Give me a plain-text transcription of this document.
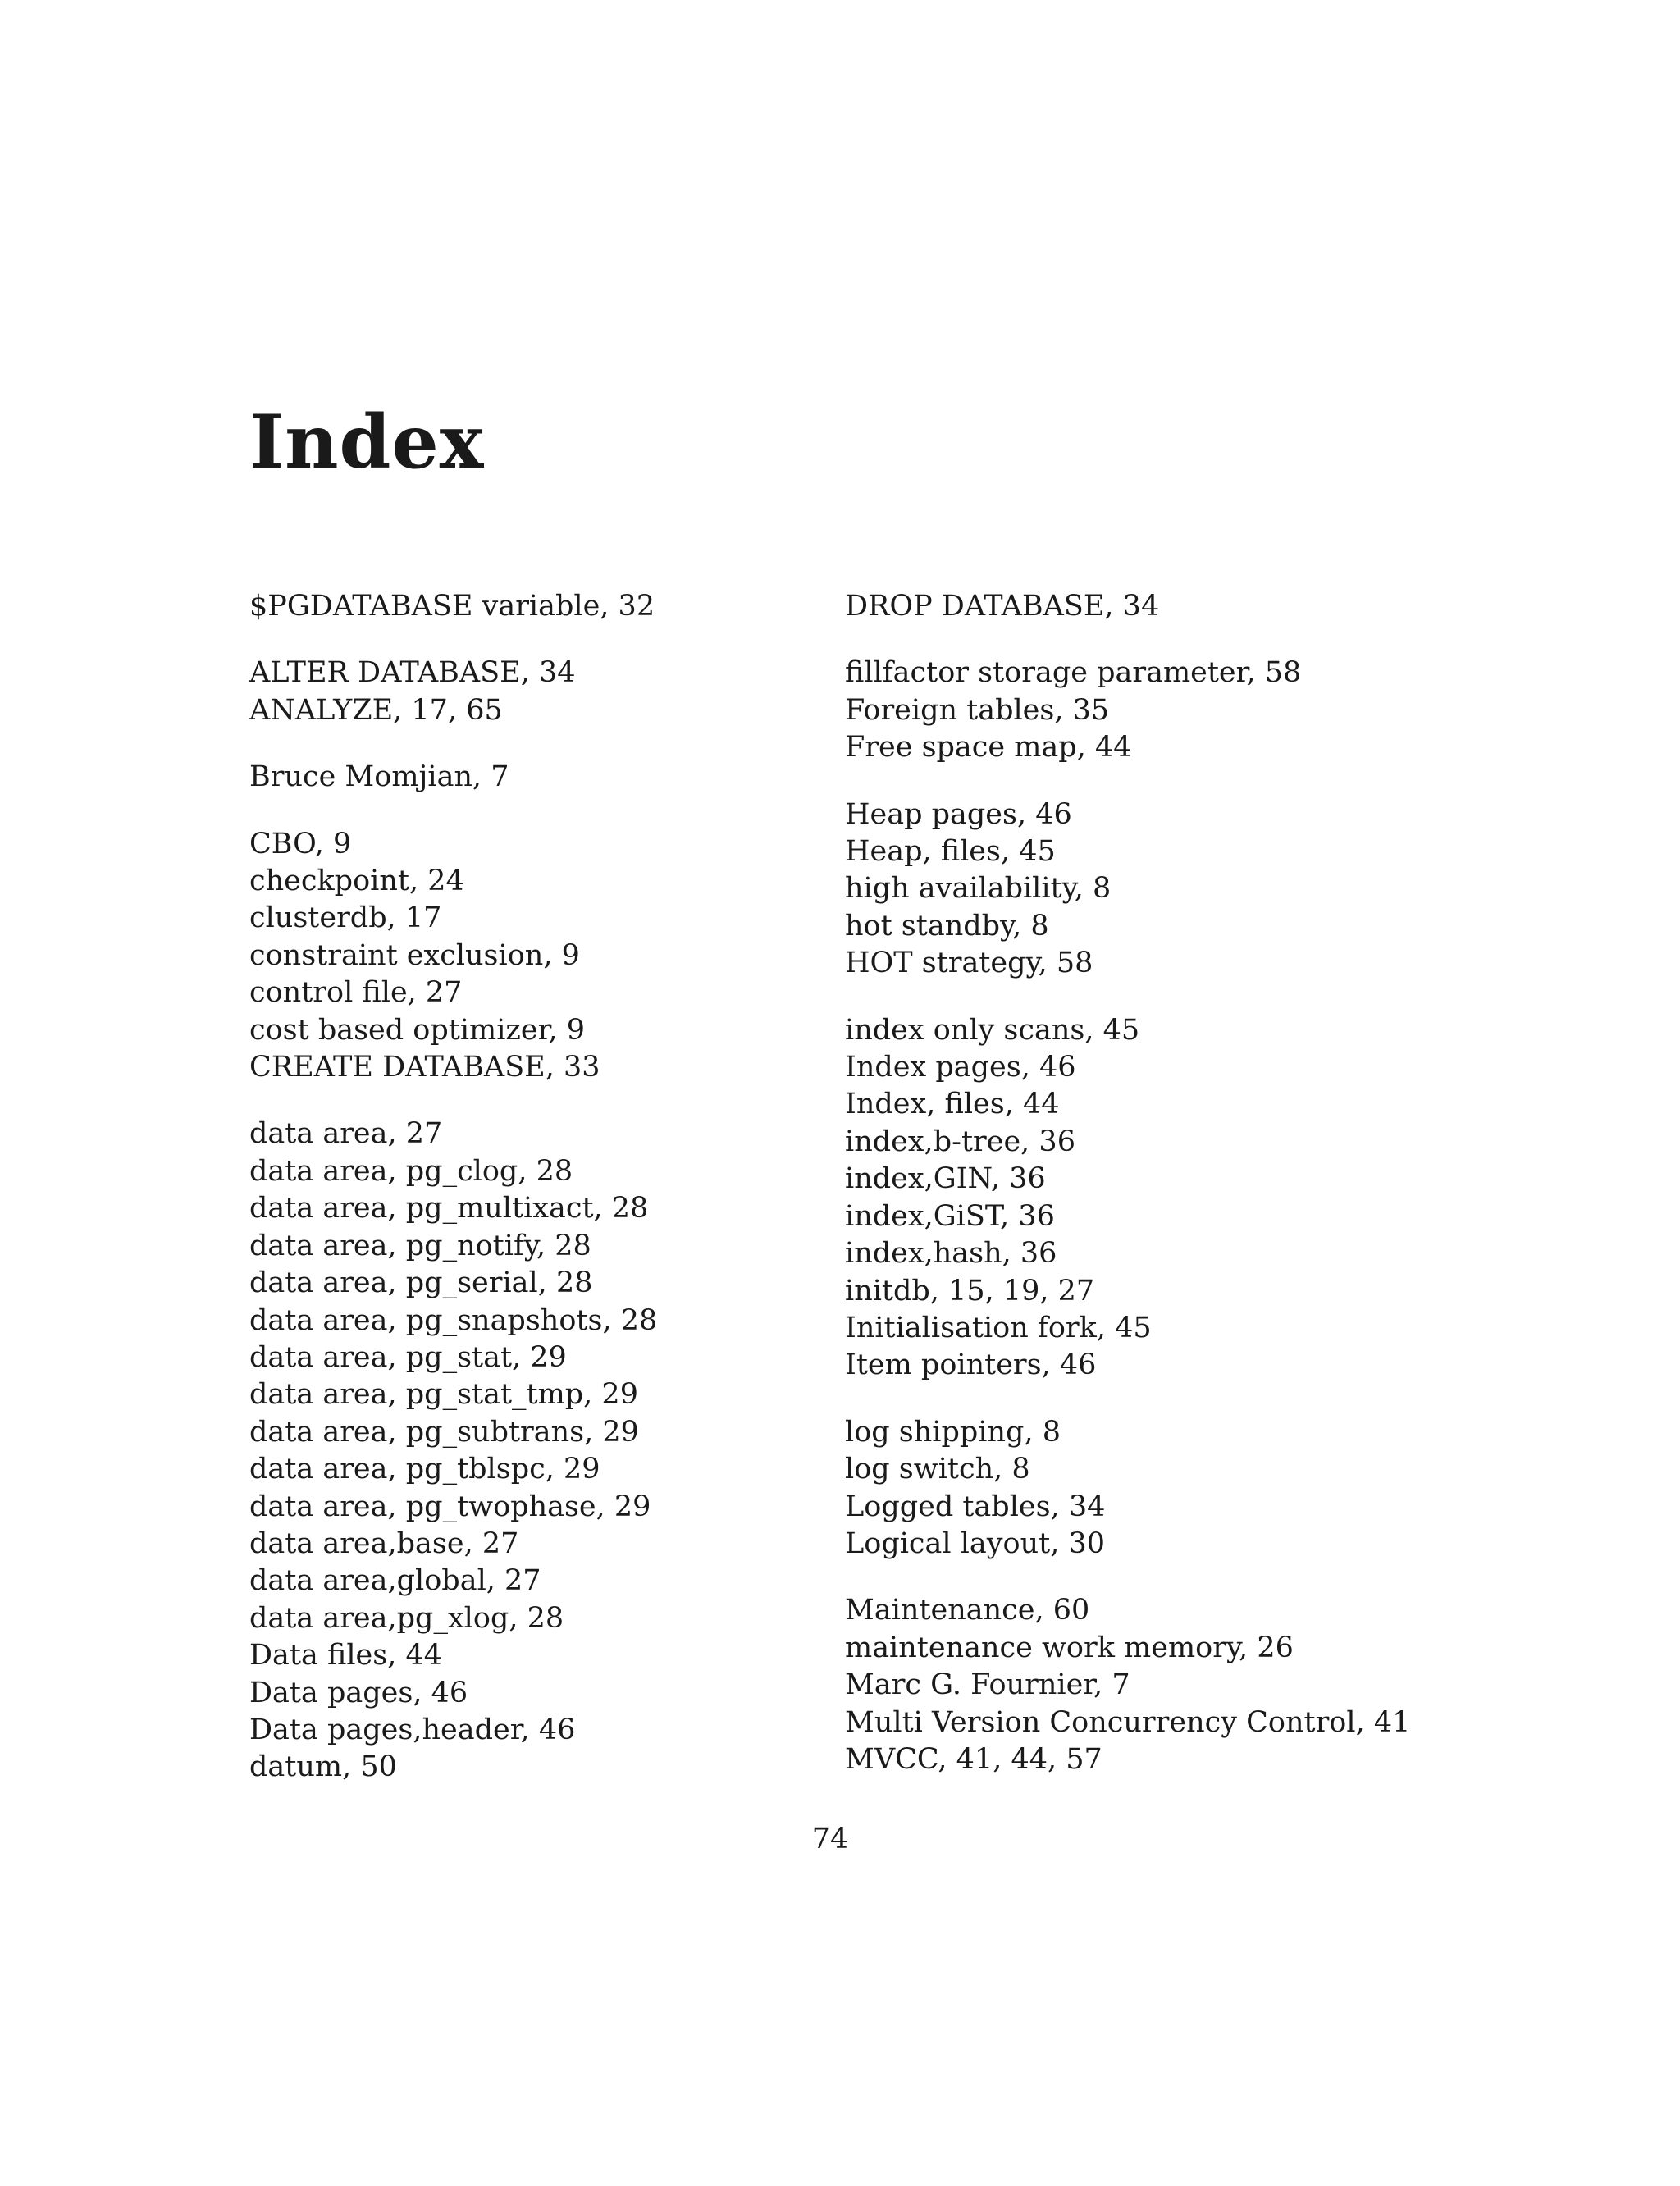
Index
$PGDATABASE variable, 32
ALTER DATABASE, 34
ANALYZE, 17, 65
Bruce Momjian, 7
CBO, 9
checkpoint, 24
clusterdb, 17
constraint exclusion, 9
control file, 27
cost based optimizer, 9
CREATE DATABASE, 33
data area, 27
data area, pg_clog, 28
data area, pg_multixact, 28
data area, pg_notify, 28
data area, pg_serial, 28
data area, pg_snapshots, 28
data area, pg_stat, 29
data area, pg_stat_tmp, 29
data area, pg_subtrans, 29
data area, pg_tblspc, 29
data area, pg_twophase, 29
data area,base, 27
data area,global, 27
data area,pg_xlog, 28
Data files, 44
Data pages, 46
Data pages,header, 46
datum, 50
DROP DATABASE, 34
fillfactor storage parameter, 58
Foreign tables, 35
Free space map, 44
Heap pages, 46
Heap, files, 45
high availability, 8
hot standby, 8
HOT strategy, 58
index only scans, 45
Index pages, 46
Index, files, 44
index,b-tree, 36
index,GIN, 36
index,GiST, 36
index,hash, 36
initdb, 15, 19, 27
Initialisation fork, 45
Item pointers, 46
log shipping, 8
log switch, 8
Logged tables, 34
Logical layout, 30
Maintenance, 60
maintenance work memory, 26
Marc G. Fournier, 7
Multi Version Concurrency Control, 41
MVCC, 41, 44, 57
74
